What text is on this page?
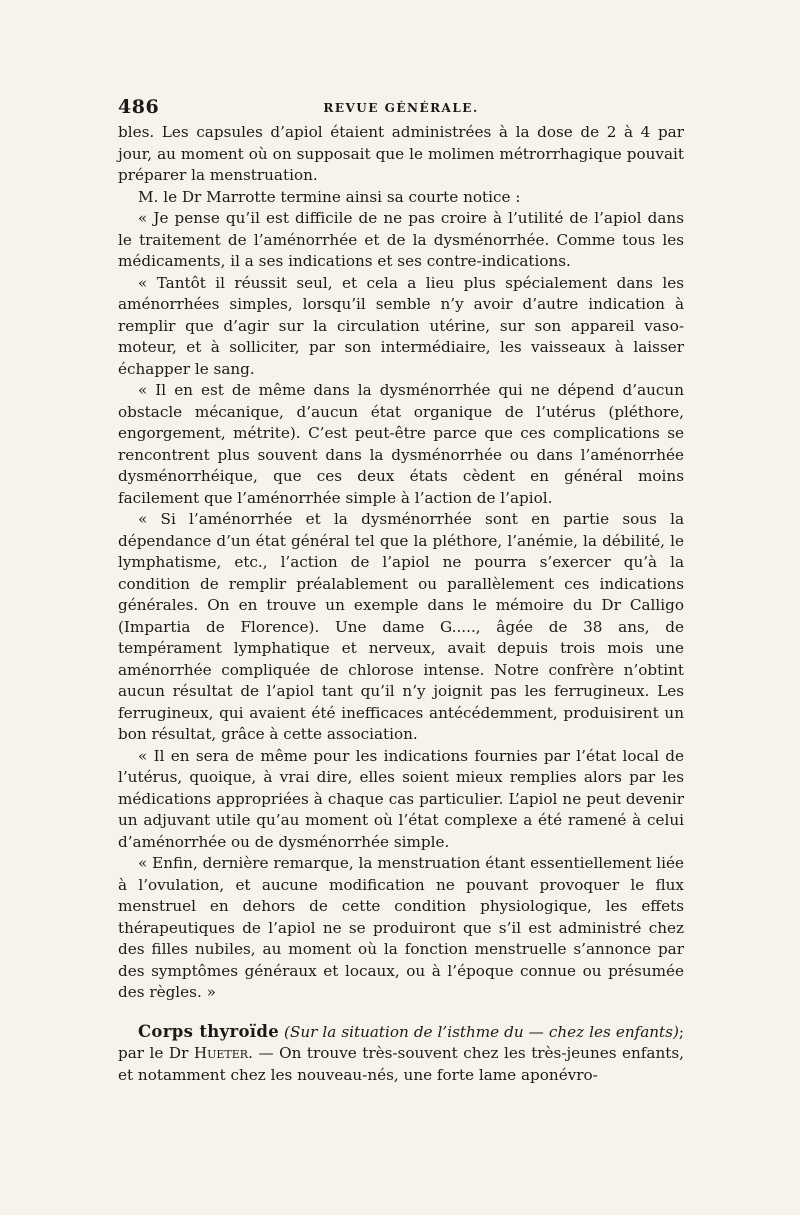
486	REVUE GÉNÉRALE.

bles. Les capsules d’apiol étaient administrées à la dose de 2 à 4 par jour, au moment où on supposait que le molimen métrorrhagique pouvait préparer la menstruation.

M. le Dr Marrotte termine ainsi sa courte notice :

« Je pense qu’il est difficile de ne pas croire à l’utilité de l’apiol dans le traitement de l’aménorrhée et de la dysménorrhée. Comme tous les médicaments, il a ses indications et ses contre-indications.

« Tantôt il réussit seul, et cela a lieu plus spécialement dans les aménorrhées simples, lorsqu’il semble n’y avoir d’autre indication à remplir que d’agir sur la circulation utérine, sur son appareil vaso-moteur, et à solliciter, par son intermédiaire, les vaisseaux à laisser échapper le sang.

« Il en est de même dans la dysménorrhée qui ne dépend d’aucun obstacle mécanique, d’aucun état organique de l’utérus (pléthore, engorgement, métrite). C’est peut-être parce que ces complications se rencontrent plus souvent dans la dysménorrhée ou dans l’aménorrhée dysménorrhéique, que ces deux états cèdent en général moins facilement que l’aménorrhée simple à l’action de l’apiol.

« Si l’aménorrhée et la dysménorrhée sont en partie sous la dépendance d’un état général tel que la pléthore, l’anémie, la débilité, le lymphatisme, etc., l’action de l’apiol ne pourra s’exercer qu’à la condition de remplir préalablement ou parallèlement ces indications générales. On en trouve un exemple dans le mémoire du Dr Calligo (Impartia de Florence). Une dame G....., âgée de 38 ans, de tempérament lymphatique et nerveux, avait depuis trois mois une aménorrhée compliquée de chlorose intense. Notre confrère n’obtint aucun résultat de l’apiol tant qu’il n’y joignit pas les ferrugineux. Les ferrugineux, qui avaient été inefficaces antécédemment, produisirent un bon résultat, grâce à cette association.

« Il en sera de même pour les indications fournies par l’état local de l’utérus, quoique, à vrai dire, elles soient mieux remplies alors par les médications appropriées à chaque cas particulier. L’apiol ne peut devenir un adjuvant utile qu’au moment où l’état complexe a été ramené à celui d’aménorrhée ou de dysménorrhée simple.

« Enfin, dernière remarque, la menstruation étant essentiellement liée à l’ovulation, et aucune modification ne pouvant provoquer le flux menstruel en dehors de cette condition physiologique, les effets thérapeutiques de l’apiol ne se produiront que s’il est administré chez des filles nubiles, au moment où la fonction menstruelle s’annonce par des symptômes généraux et locaux, ou à l’époque connue ou présumée des règles. »

Corps thyroïde (Sur la situation de l’isthme du — chez les enfants); par le Dr Hueter. — On trouve très-souvent chez les très-jeunes enfants, et notamment chez les nouveau-nés, une forte lame aponévro-
